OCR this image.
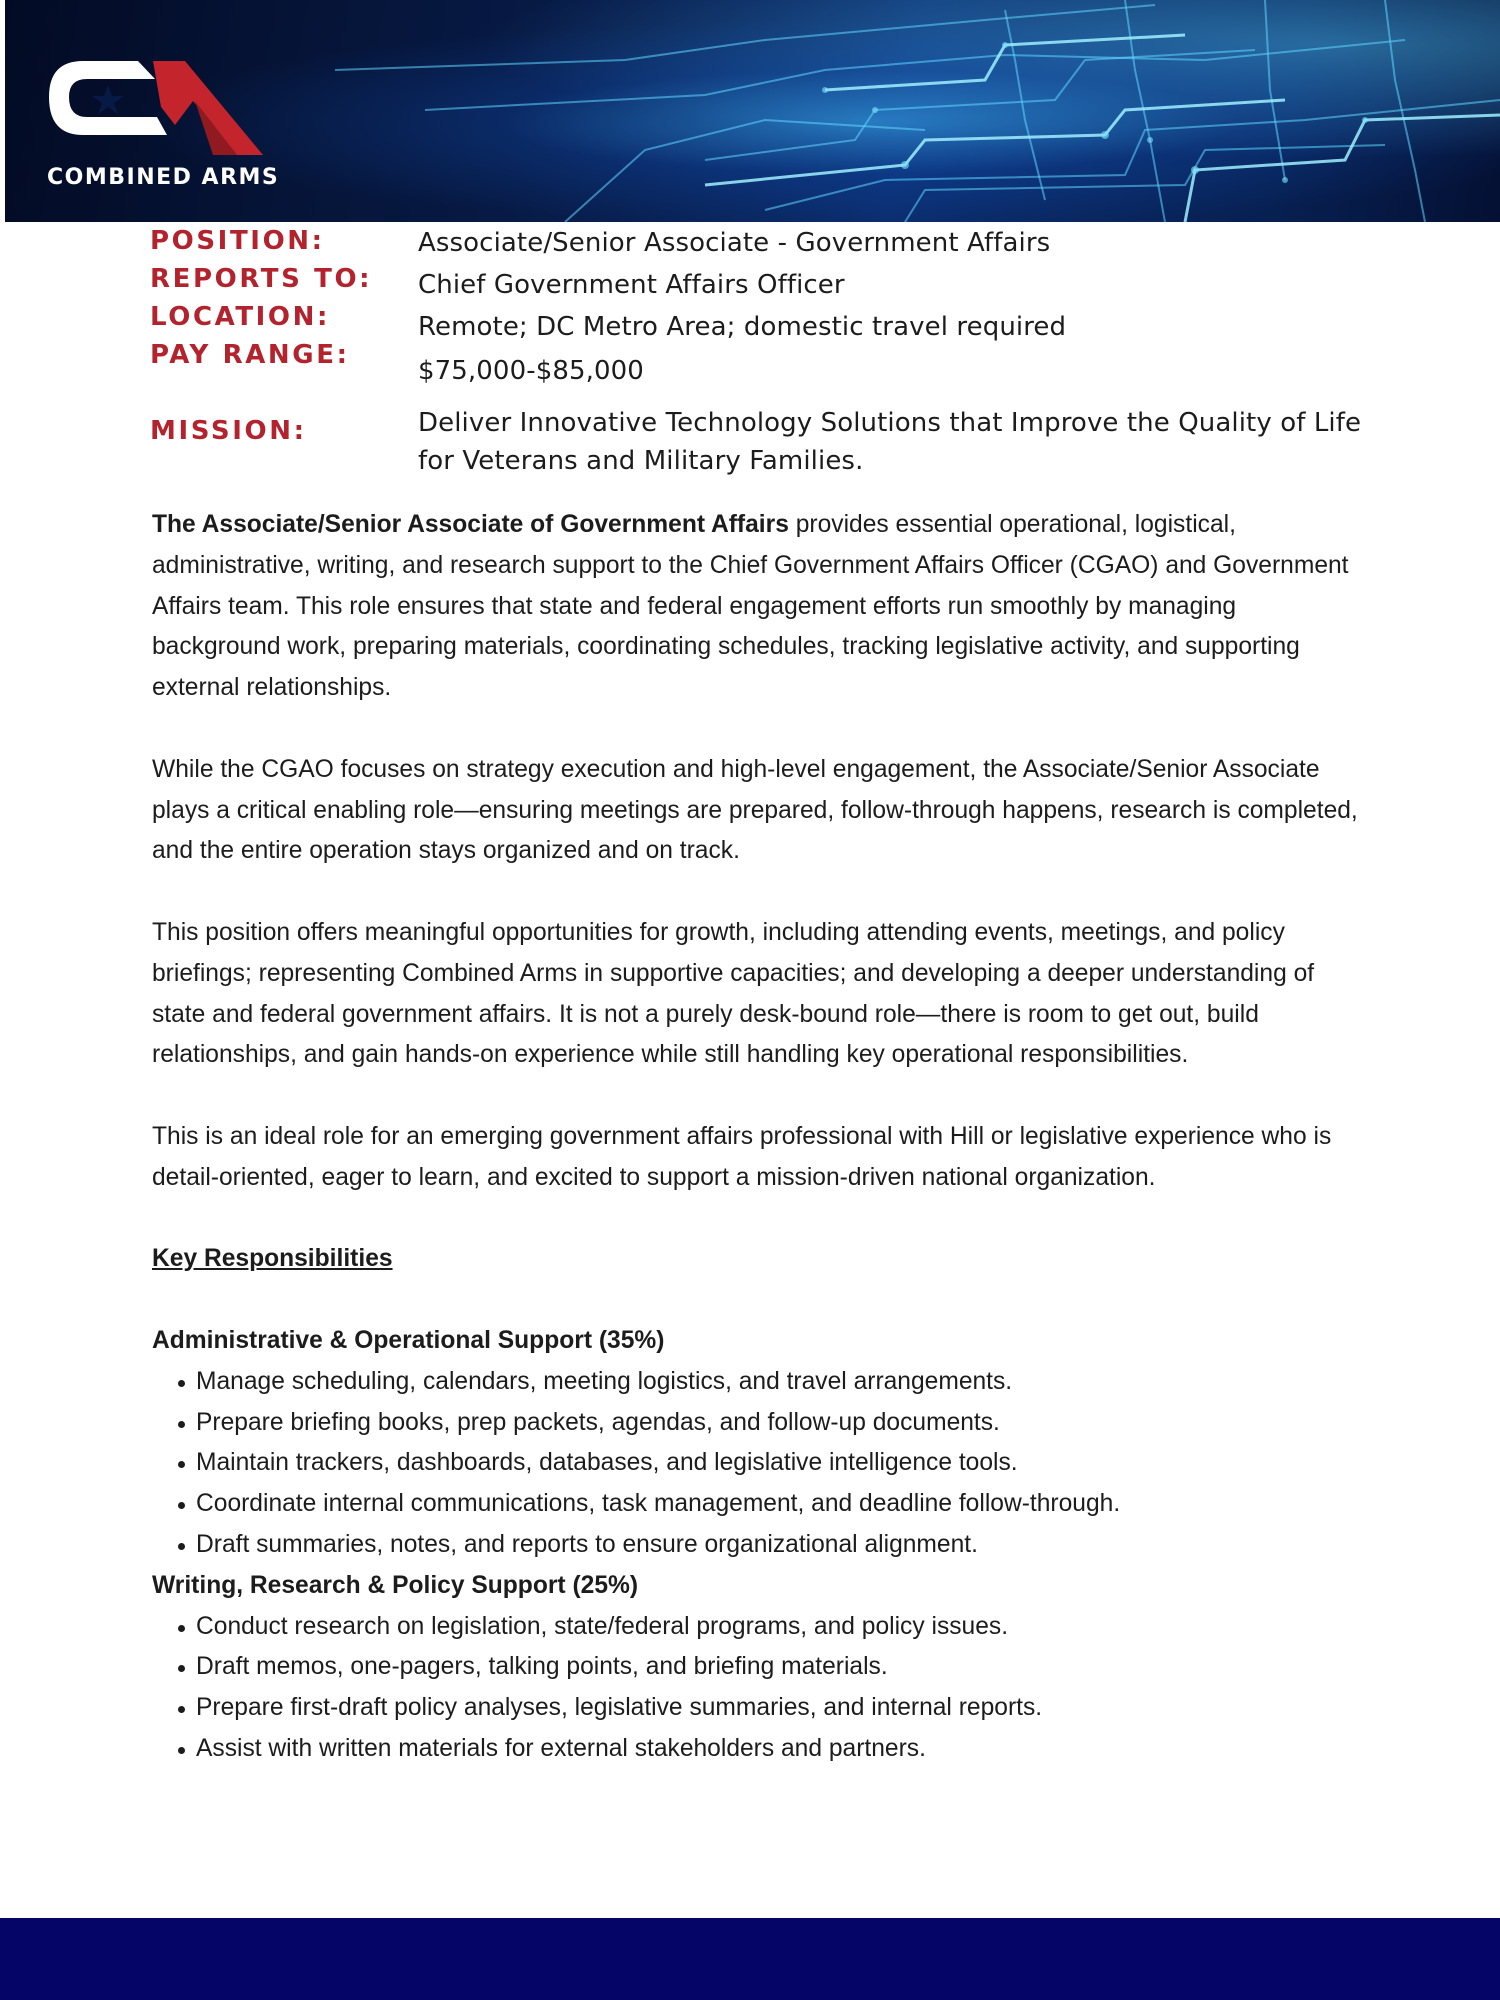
COMBINED ARMS
POSITION:	Associate/Senior Associate - Government Affairs
REPORTS TO: Chief Government Affairs Officer
LOCATION:	Remote; DC Metro Area; domestic travel required
PAY RANGE:
$75,000-$85,000
MISSION:	Deliver Innovative Technology Solutions that Improve the Quality of Life for Veterans and Military Families.

The Associate/Senior Associate of Government Affairs provides essential operational, logistical, administrative, writing, and research support to the Chief Government Affairs Officer (CGAO) and Government Affairs team. This role ensures that state and federal engagement efforts run smoothly by managing background work, preparing materials, coordinating schedules, tracking legislative activity, and supporting external relationships.

While the CGAO focuses on strategy execution and high-level engagement, the Associate/Senior Associate plays a critical enabling role—ensuring meetings are prepared, follow-through happens, research is completed, and the entire operation stays organized and on track.

This position offers meaningful opportunities for growth, including attending events, meetings, and policy briefings; representing Combined Arms in supportive capacities; and developing a deeper understanding of state and federal government affairs. It is not a purely desk-bound role—there is room to get out, build relationships, and gain hands-on experience while still handling key operational responsibilities.

This is an ideal role for an emerging government affairs professional with Hill or legislative experience who is detail-oriented, eager to learn, and excited to support a mission-driven national organization.

Key Responsibilities
Administrative & Operational Support (35%)
Manage scheduling, calendars, meeting logistics, and travel arrangements.
Prepare briefing books, prep packets, agendas, and follow-up documents.
Maintain trackers, dashboards, databases, and legislative intelligence tools.
Coordinate internal communications, task management, and deadline follow-through.
Draft summaries, notes, and reports to ensure organizational alignment.
Writing, Research & Policy Support (25%)
Conduct research on legislation, state/federal programs, and policy issues.
Draft memos, one-pagers, talking points, and briefing materials.
Prepare first-draft policy analyses, legislative summaries, and internal reports.
Assist with written materials for external stakeholders and partners.
